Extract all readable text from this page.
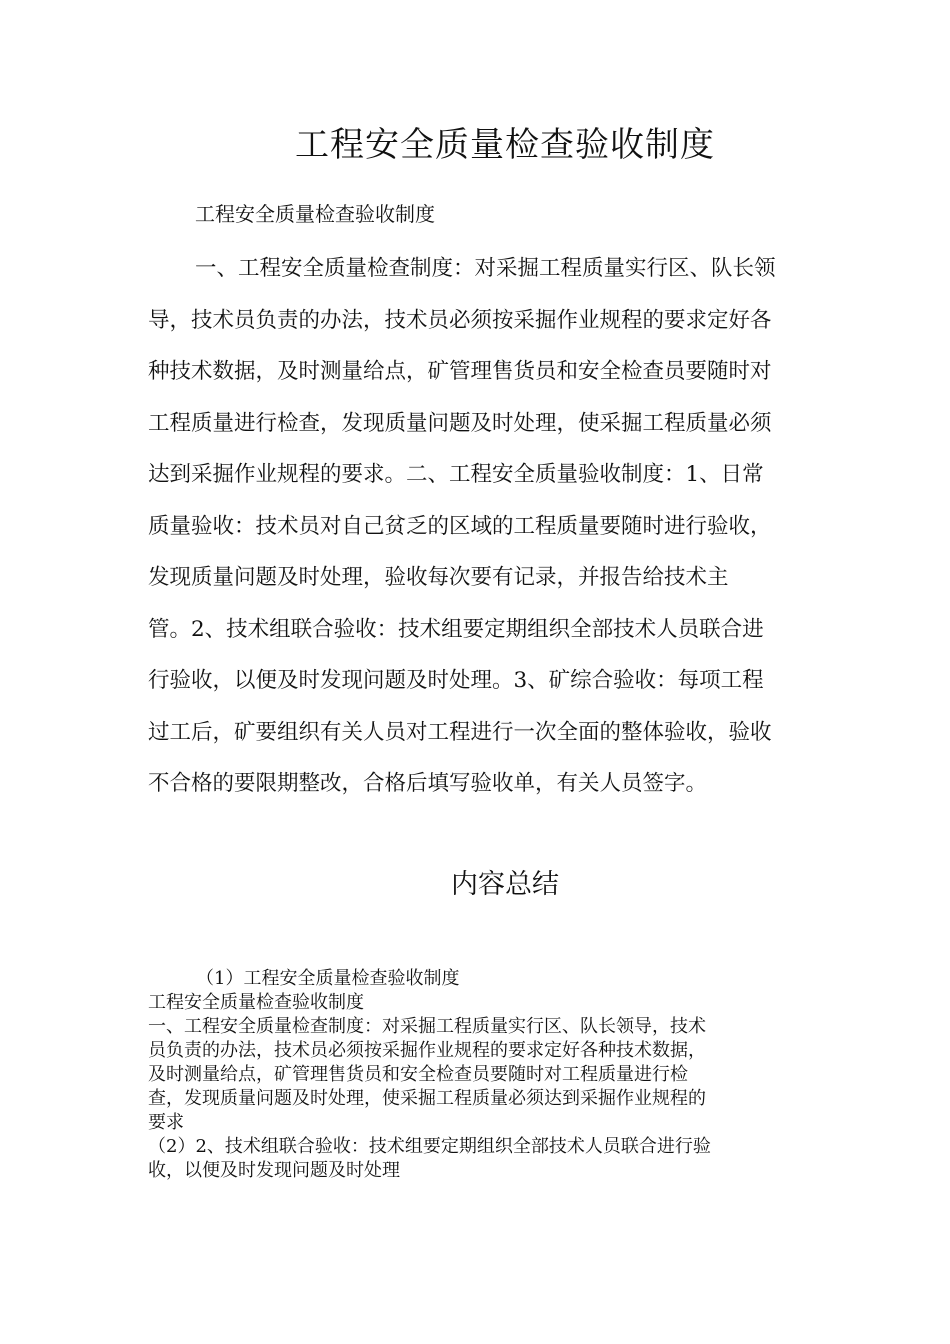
工程安全质量检查验收制度
工程安全质量检查验收制度
一、工程安全质量检查制度：对采掘工程质量实行区、队长领
导，技术员负责的办法，技术员必须按采掘作业规程的要求定好各
种技术数据，及时测量给点，矿管理售货员和安全检查员要随时对
工程质量进行检查，发现质量问题及时处理，使采掘工程质量必须
达到采掘作业规程的要求。二、工程安全质量验收制度：1、日常
质量验收：技术员对自己贫乏的区域的工程质量要随时进行验收，
发现质量问题及时处理，验收每次要有记录，并报告给技术主
管。2、技术组联合验收：技术组要定期组织全部技术人员联合进
行验收，以便及时发现问题及时处理。3、矿综合验收：每项工程
过工后，矿要组织有关人员对工程进行一次全面的整体验收，验收
不合格的要限期整改，合格后填写验收单，有关人员签字。
内容总结
（1）工程安全质量检查验收制度
工程安全质量检查验收制度
一、工程安全质量检查制度：对采掘工程质量实行区、队长领导，技术
员负责的办法，技术员必须按采掘作业规程的要求定好各种技术数据，
及时测量给点，矿管理售货员和安全检查员要随时对工程质量进行检
查，发现质量问题及时处理，使采掘工程质量必须达到采掘作业规程的
要求
（2）2、技术组联合验收：技术组要定期组织全部技术人员联合进行验
收，以便及时发现问题及时处理
